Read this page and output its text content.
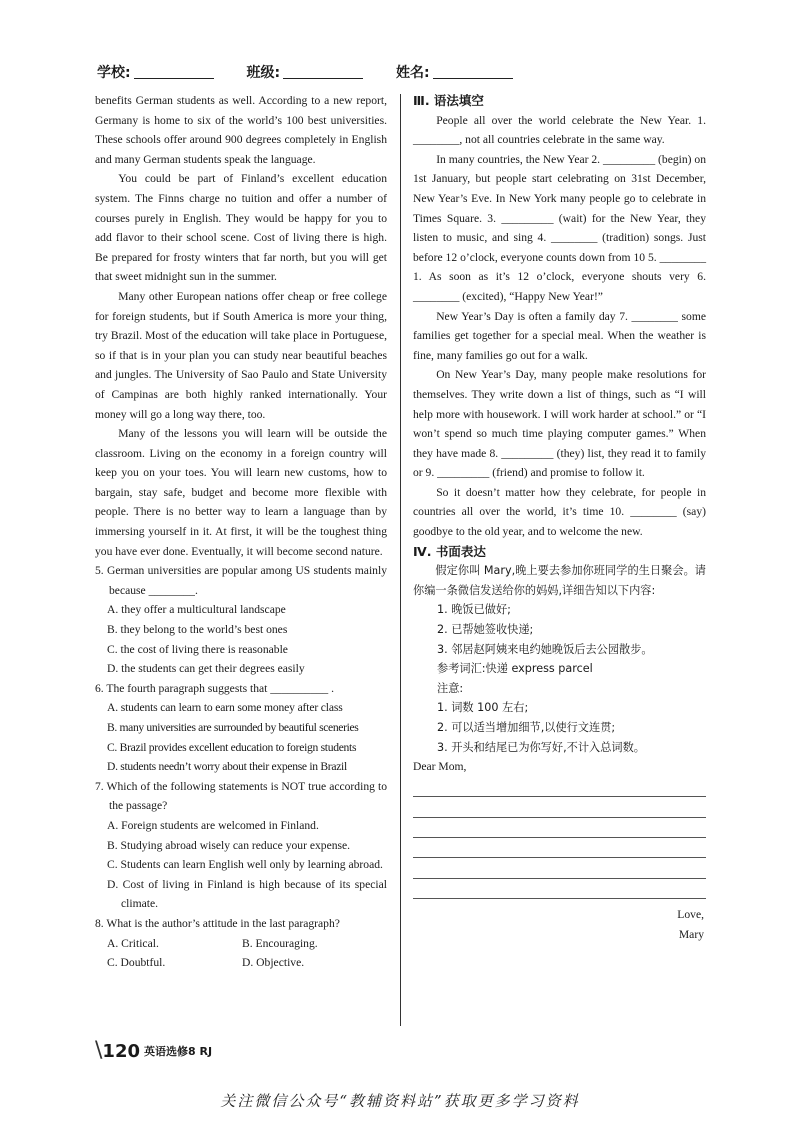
学校:	班级:	姓名:

benefits German students as well. According to a new report, Germany is home to six of the world’s 100 best universities. These schools offer around 900 degrees completely in English and many German students speak the language.

You could be part of Finland’s excellent education system. The Finns charge no tuition and offer a number of courses purely in English. They would be happy for you to add flavor to their school scene. Cost of living there is high. Be prepared for frosty winters that far north, but you will get that sweet midnight sun in the summer.

Many other European nations offer cheap or free college for foreign students, but if South America is more your thing, try Brazil. Most of the education will take place in Portuguese, so if that is in your plan you can study near beautiful beaches and jungles. The University of Sao Paulo and State University of Campinas are both highly ranked internationally. Your money will go a long way there, too.

Many of the lessons you will learn will be outside the classroom. Living on the economy in a foreign country will keep you on your toes. You will learn new customs, how to bargain, stay safe, budget and become more flexible with people. There is no better way to learn a language than by immersing yourself in it. At first, it will be the toughest thing you have ever done. Eventually, it will become second nature.

5. German universities are popular among US students mainly because ________.
A. they offer a multicultural landscape
B. they belong to the world’s best ones
C. the cost of living there is reasonable
D. the students can get their degrees easily
6. The fourth paragraph suggests that __________ .
A. students can learn to earn some money after class
B. many universities are surrounded by beautiful sceneries
C. Brazil provides excellent education to foreign students
D. students needn’t worry about their expense in Brazil
7. Which of the following statements is NOT true according to the passage?
A. Foreign students are welcomed in Finland.
B. Studying abroad wisely can reduce your expense.
C. Students can learn English well only by learning abroad.
D. Cost of living in Finland is high because of its special climate.
8. What is the author’s attitude in the last paragraph?
A. Critical.	B. Encouraging.
C. Doubtful.	D. Objective.
Ⅲ. 语法填空

People all over the world celebrate the New Year. 1. ________, not all countries celebrate in the same way.

In many countries, the New Year 2. _________ (begin) on 1st January, but people start celebrating on 31st December, New Year’s Eve. In New York many people go to celebrate in Times Square. 3. _________ (wait) for the New Year, they listen to music, and sing 4. ________ (tradition) songs. Just before 12 o’clock, everyone counts down from 10 5. ________ 1. As soon as it’s 12 o’clock, everyone shouts very 6. ________ (excited), “Happy New Year!”

New Year’s Day is often a family day 7. ________ some families get together for a special meal. When the weather is fine, many families go out for a walk.

On New Year’s Day, many people make resolutions for themselves. They write down a list of things, such as “I will help more with housework. I will work harder at school.” or “I won’t spend so much time playing computer games.” When they have made 8. _________ (they) list, they read it to family or 9. _________ (friend) and promise to follow it.

So it doesn’t matter how they celebrate, for people in countries all over the world, it’s time 10. ________ (say) goodbye to the old year, and to welcome the new.

Ⅳ. 书面表达

假定你叫 Mary,晚上要去参加你班同学的生日聚会。请你编一条微信发送给你的妈妈,详细告知以下内容:

1. 晚饭已做好;
2. 已帮她签收快递;
3. 邻居赵阿姨来电约她晚饭后去公园散步。
参考词汇:快递 express parcel
注意:
1. 词数 100 左右;
2. 可以适当增加细节,以使行文连贯;
3. 开头和结尾已为你写好,不计入总词数。
Dear Mom,
Love,
Mary
\120 英语选修8 RJ
关注微信公众号“教辅资料站”获取更多学习资料
